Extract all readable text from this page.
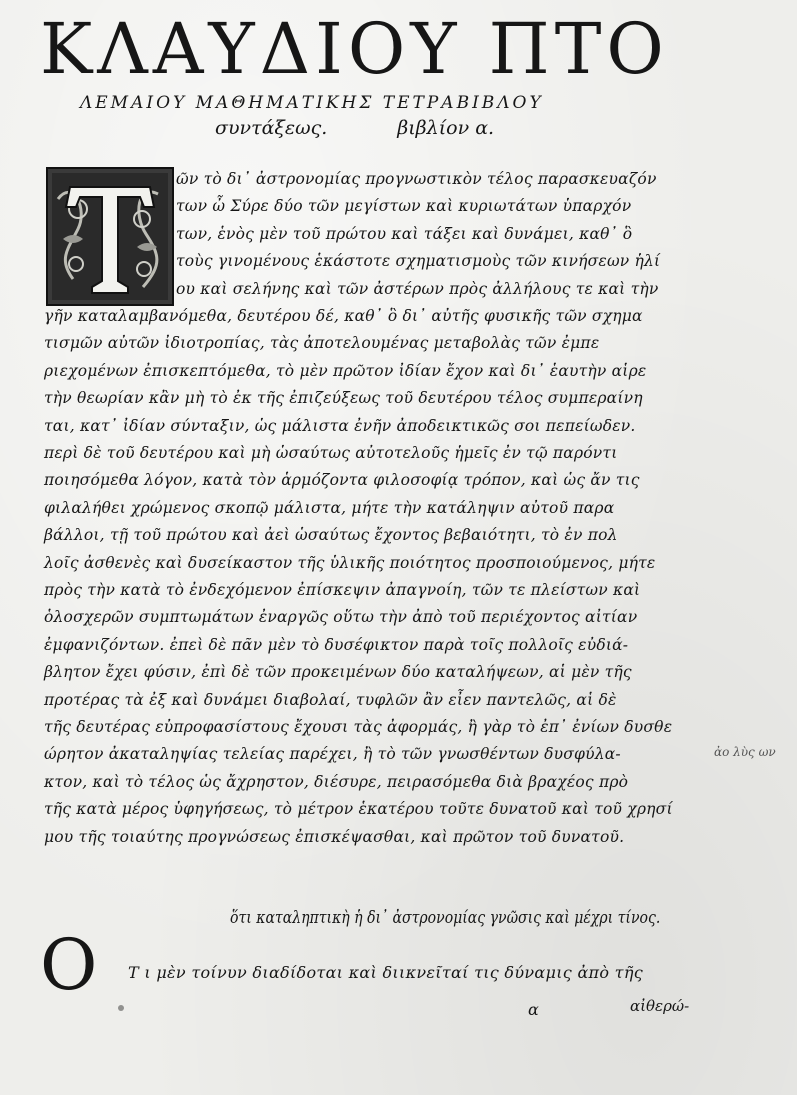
ΚΛΑΥΔΙΟΥ ΠΤΟ
ΛΕΜΑΙΟΥ ΜΑΘΗΜΑΤΙΚΗΣ ΤΕΤΡΑΒΙΒΛΟΥ
συντάξεως.	βιβλίον α.
ῶν τὸ δι᾽ ἀστρονομίας προγνωστικὸν τέλος παρασκευαζόν
των ὦ Σύρε δύο τῶν μεγίστων καὶ κυριωτάτων ὑπαρχόν
των, ἑνὸς μὲν τοῦ πρώτου καὶ τάξει καὶ δυνάμει, καθ᾽ ὃ
τοὺς γινομένους ἑκάστοτε σχηματισμοὺς τῶν κινήσεων ἡλί
ου καὶ σελήνης καὶ τῶν ἀστέρων πρὸς ἀλλήλους τε καὶ τὴν
γῆν καταλαμβανόμεθα, δευτέρου δέ, καθ᾽ ὃ δι᾽ αὐτῆς φυσικῆς τῶν σχημα
τισμῶν αὐτῶν ἰδιοτροπίας, τὰς ἀποτελουμένας μεταβολὰς τῶν ἐμπε
ριεχομένων ἐπισκεπτόμεθα, τὸ μὲν πρῶτον ἰδίαν ἔχον καὶ δι᾽ ἑαυτὴν αἱρε
τὴν θεωρίαν κἂν μὴ τὸ ἐκ τῆς ἐπιζεύξεως τοῦ δευτέρου τέλος συμπεραίνη
ται, κατ᾽ ἰδίαν σύνταξιν, ὡς μάλιστα ἐνῆν ἀποδεικτικῶς σοι πεπείωδεν.
περὶ δὲ τοῦ δευτέρου καὶ μὴ ὡσαύτως αὐτοτελοῦς ἡμεῖς ἐν τῷ παρόντι
ποιησόμεθα λόγον, κατὰ τὸν ἁρμόζοντα φιλοσοφίᾳ τρόπον, καὶ ὡς ἄν τις
φιλαλήθει χρώμενος σκοπῷ μάλιστα, μήτε τὴν κατάληψιν αὐτοῦ παρα
βάλλοι, τῇ τοῦ πρώτου καὶ ἀεὶ ὡσαύτως ἔχοντος βεβαιότητι, τὸ ἐν πολ
λοῖς ἀσθενὲς καὶ δυσείκαστον τῆς ὑλικῆς ποιότητος προσποιούμενος, μήτε
πρὸς τὴν κατὰ τὸ ἐνδεχόμενον ἐπίσκεψιν ἀπαγνοίη, τῶν τε πλείστων καὶ
ὁλοσχερῶν συμπτωμάτων ἐναργῶς οὕτω τὴν ἀπὸ τοῦ περιέχοντος αἰτίαν
ἐμφανιζόντων. ἐπεὶ δὲ πᾶν μὲν τὸ δυσέφικτον παρὰ τοῖς πολλοῖς εὐδιά-
βλητον ἔχει φύσιν, ἐπὶ δὲ τῶν προκειμένων δύο καταλήψεων, αἱ μὲν τῆς
προτέρας τὰ ἐξ καὶ δυνάμει διαβολαί, τυφλῶν ἂν εἶεν παντελῶς, αἱ δὲ
τῆς δευτέρας εὐπροφασίστους ἔχουσι τὰς ἀφορμάς, ἢ γὰρ τὸ ἐπ᾽ ἐνίων δυσθε
ώρητον ἀκαταληψίας τελείας παρέχει, ἢ τὸ τῶν γνωσθέντων δυσφύλα-
κτον, καὶ τὸ τέλος ὡς ἄχρηστον, διέσυρε, πειρασόμεθα διὰ βραχέος πρὸ
τῆς κατὰ μέρος ὑφηγήσεως, τὸ μέτρον ἑκατέρου τοῦτε δυνατοῦ καὶ τοῦ χρησί
μου τῆς τοιαύτης προγνώσεως ἐπισκέψασθαι, καὶ πρῶτον τοῦ δυνατοῦ.
ἀο λὺς ων
ὅτι καταληπτικὴ ἡ δι᾽ ἀστρονομίας γνῶσις καὶ μέχρι τίνος.
Ο Τ ι μὲν τοίνυν διαδίδοται καὶ διικνεῖταί τις δύναμις ἀπὸ τῆς
α	αἰθερώ-
